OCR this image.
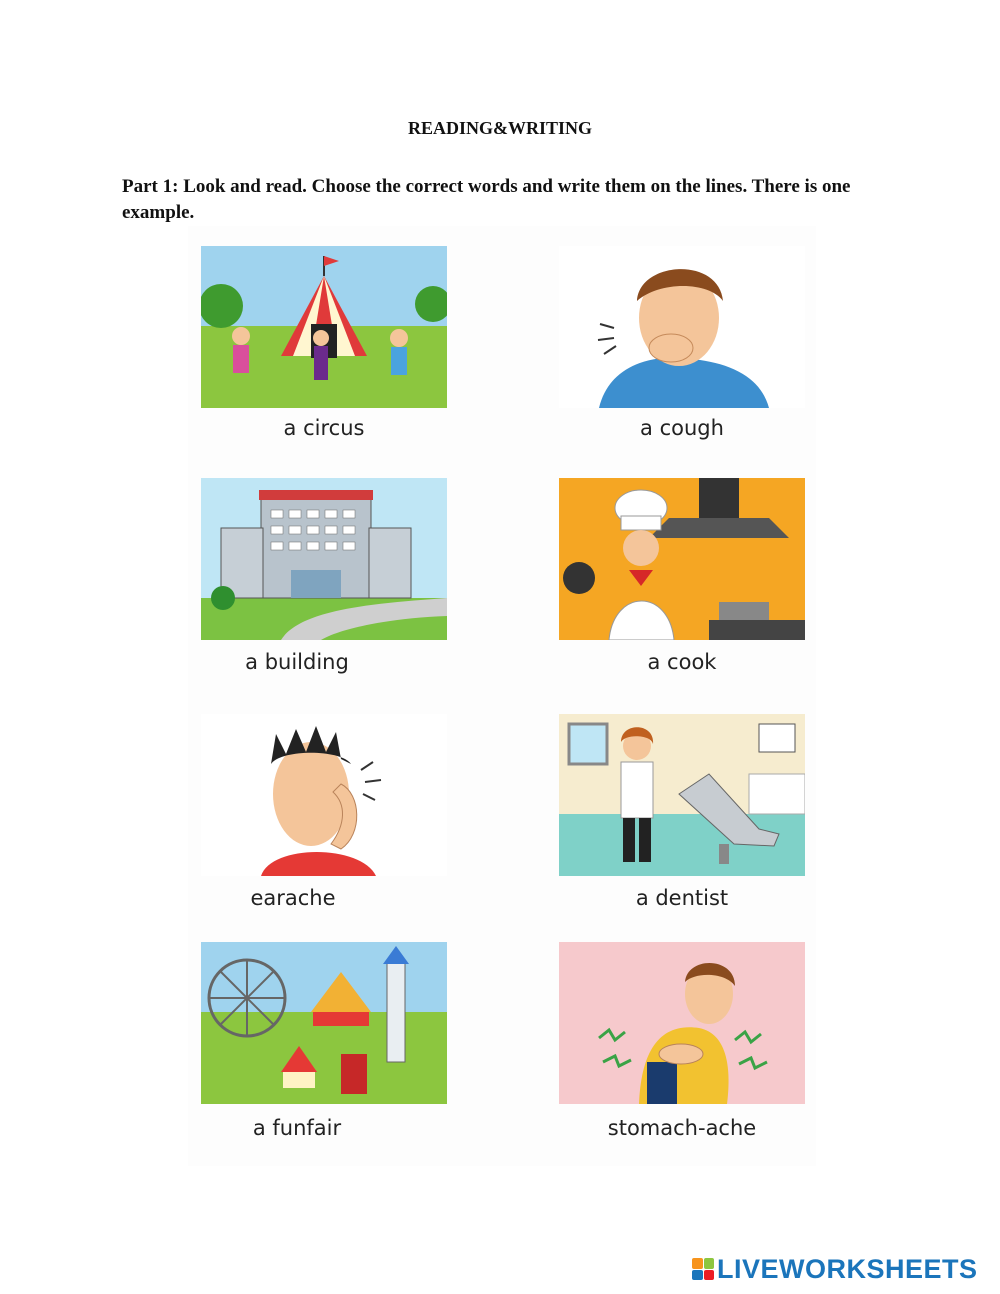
READING&WRITING
Part 1: Look and read. Choose the correct words and write them on the lines. There is one example.
a circus	a cough
a building	a cook
earache	a dentist
a funfair	stomach-ache
LIVEWORKSHEETS
